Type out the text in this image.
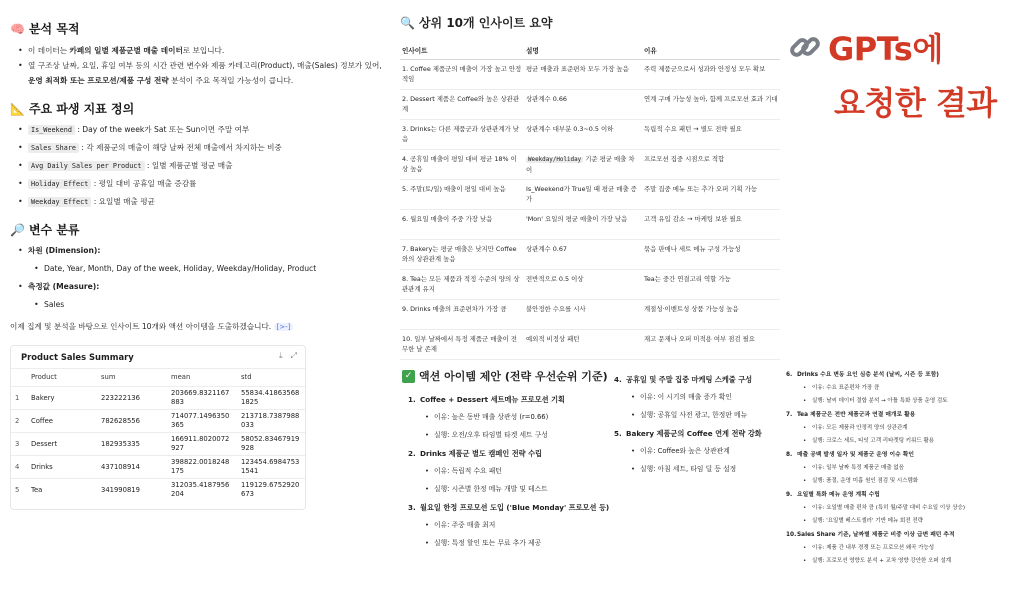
🧠 분석 목적
• 이 데이터는 카페의 일별 제품군별 매출 데이터로 보입니다.
• 열 구조상 날짜, 요일, 휴일 여부 등의 시간 관련 변수와 제품 카테고리(Product), 매출(Sales) 정보가 있어, 운영 최적화 또는 프로모션/제품 구성 전략 분석이 주요 목적일 가능성이 큽니다.
📐 주요 파생 지표 정의
• Is_Weekend : Day of the week가 Sat 또는 Sun이면 주말 여부
• Sales Share : 각 제품군의 매출이 해당 날짜 전체 매출에서 차지하는 비중
• Avg Daily Sales per Product : 일별 제품군별 평균 매출
• Holiday Effect : 평일 대비 공휴일 매출 증감률
• Weekday Effect : 요일별 매출 평균
🔎 변수 분류
• 차원 (Dimension):
• Date, Year, Month, Day of the week, Holiday, Weekday/Holiday, Product
• 측정값 (Measure):
• Sales

이제 집계 및 분석을 바탕으로 인사이트 10개와 액션 아이템을 도출하겠습니다. [>-]

Product Sales Summary	⤓ ⤢
	Product	sum	mean	std
1	Bakery	223222136	203669.8321167883	55834.418635681825
2	Coffee	782628556	714077.1496350365	213718.7387988033
3	Dessert	182935335	166911.8020072927	58052.83467919928
4	Drinks	437108914	398822.0018248175	123454.69847531541
5	Tea	341990819	312035.4187956204	119129.6752920673
🔍 상위 10개 인사이트 요약
인사이트	설명	이유
1. Coffee 제품군의 매출이 가장 높고 안정적임	평균 매출과 표준편차 모두 가장 높음	주력 제품군으로서 성과와 안정성 모두 확보
2. Dessert 제품은 Coffee와 높은 상관관계	상관계수 0.66	연계 구매 가능성 높아, 함께 프로모션 효과 기대
3. Drinks는 다른 제품군과 상관관계가 낮음	상관계수 대부분 0.3~0.5 이하	독립적 수요 패턴 → 별도 전략 필요
4. 공휴일 매출이 평일 대비 평균 18% 이상 높음	Weekday/Holiday 기준 평균 매출 차이	프로모션 집중 시점으로 적합
5. 주말(토/일) 매출이 평일 대비 높음	Is_Weekend가 True일 때 평균 매출 증가	주말 집중 메뉴 또는 추가 오퍼 기획 가능
6. 월요일 매출이 주중 가장 낮음	'Mon' 요일의 평균 매출이 가장 낮음	고객 유입 감소 → 마케팅 보완 필요
7. Bakery는 평균 매출은 낮지만 Coffee와의 상관관계 높음	상관계수 0.67	묶음 판매나 세트 메뉴 구성 가능성
8. Tea는 모든 제품과 적정 수준의 양의 상관관계 유지	전반적으로 0.5 이상	Tea는 중간 연결고리 역할 가능
9. Drinks 매출의 표준편차가 가장 큼	불안정한 수요를 시사	계절성·이벤트성 상품 가능성 높음
10. 일부 날짜에서 특정 제품군 매출이 전무한 날 존재	예외적 비정상 패턴	재고 문제나 오퍼 미적용 여부 점검 필요
GPTs에
요청한 결과
✓ 액션 아이템 제안 (전략 우선순위 기준)
1. Coffee + Dessert 세트메뉴 프로모션 기획
• 이유: 높은 동반 매출 상관성 (r=0.66)
• 실행: 오전/오후 타임별 타겟 세트 구성
2. Drinks 제품군 별도 캠페인 전략 수립
• 이유: 독립적 수요 패턴
• 실행: 시즌별 한정 메뉴 개발 및 테스트
3. 월요일 한정 프로모션 도입 ('Blue Monday' 프로모션 등)
• 이유: 주중 매출 최저
• 실행: 특정 할인 또는 무료 추가 제공
4. 공휴일 및 주말 집중 마케팅 스케줄 구성
• 이유: 이 시기의 매출 증가 확인
• 실행: 공휴일 사전 광고, 한정판 메뉴
5. Bakery 제품군의 Coffee 연계 전략 강화
• 이유: Coffee와 높은 상관관계
• 실행: 아침 세트, 타임 딜 등 설정
6. Drinks 수요 변동 요인 심층 분석 (날씨, 시즌 등 포함)
• 이유: 수요 표준편차 가장 큼
• 실행: 날씨 데이터 결합 분석 → 아틀 특화 상품 운영 검토
7. Tea 제품군은 전반 제품군과 연결 매개로 활용
• 이유: 모든 제품과 안정적 양의 상관관계
• 실행: 크로스 세트, 티잇 고객 리타겟팅 키워드 활용
8. 매출 공백 발생 일자 및 제품군 운영 이슈 확인
• 이유: 일부 날짜 특정 제품군 매출 없음
• 실행: 품절, 운영 미흡 원인 점검 및 시스템화
9. 요일별 특화 메뉴 운영 계획 수립
• 이유: 요일별 매출 편차 큼 (특히 월/주말 대비 수요일 이상 상승)
• 실행: '요일별 베스트셀러' 기반 메뉴 회전 전략
10.Sales Share 기준, 날짜별 제품군 비중 이상 급변 패턴 추적
• 이유: 제품 간 내부 경쟁 또는 프로모션 왜곡 가능성
• 실행: 프로모션 영향도 분석 + 교차 영향 강안한 오퍼 설계
